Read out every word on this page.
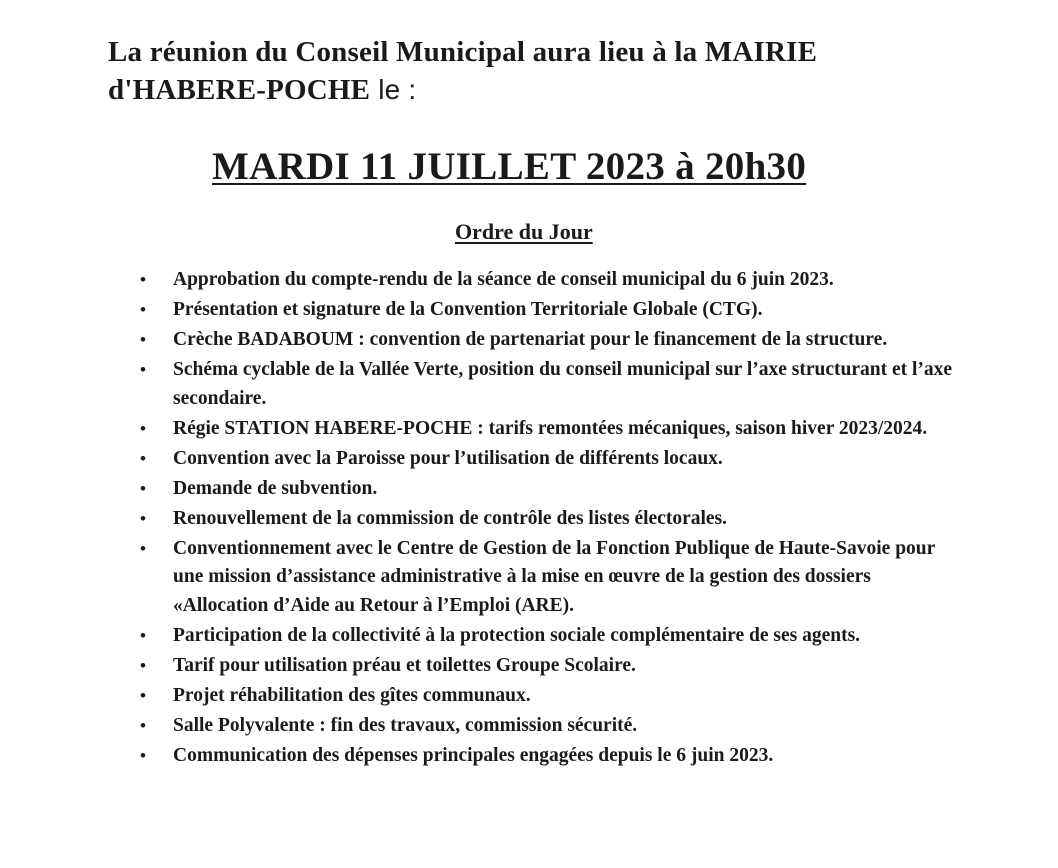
La réunion du Conseil Municipal aura lieu à la MAIRIE
d'HABERE-POCHE le :
MARDI 11 JUILLET 2023 à 20h30
Ordre du Jour
• Approbation du compte-rendu de la séance de conseil municipal du 6 juin 2023.
• Présentation et signature de la Convention Territoriale Globale (CTG).
• Crèche BADABOUM : convention de partenariat pour le financement de la structure.
• Schéma cyclable de la Vallée Verte, position du conseil municipal sur l’axe structurant et l’axe secondaire.
• Régie STATION HABERE-POCHE : tarifs remontées mécaniques, saison hiver 2023/2024.
• Convention avec la Paroisse pour l’utilisation de différents locaux.
• Demande de subvention.
• Renouvellement de la commission de contrôle des listes électorales.
• Conventionnement avec le Centre de Gestion de la Fonction Publique de Haute-Savoie pour une mission d’assistance administrative à la mise en œuvre de la gestion des dossiers «Allocation d’Aide au Retour à l’Emploi (ARE).
• Participation de la collectivité à la protection sociale complémentaire de ses agents.
• Tarif pour utilisation préau et toilettes Groupe Scolaire.
• Projet réhabilitation des gîtes communaux.
• Salle Polyvalente : fin des travaux, commission sécurité.
• Communication des dépenses principales engagées depuis le 6 juin 2023.
